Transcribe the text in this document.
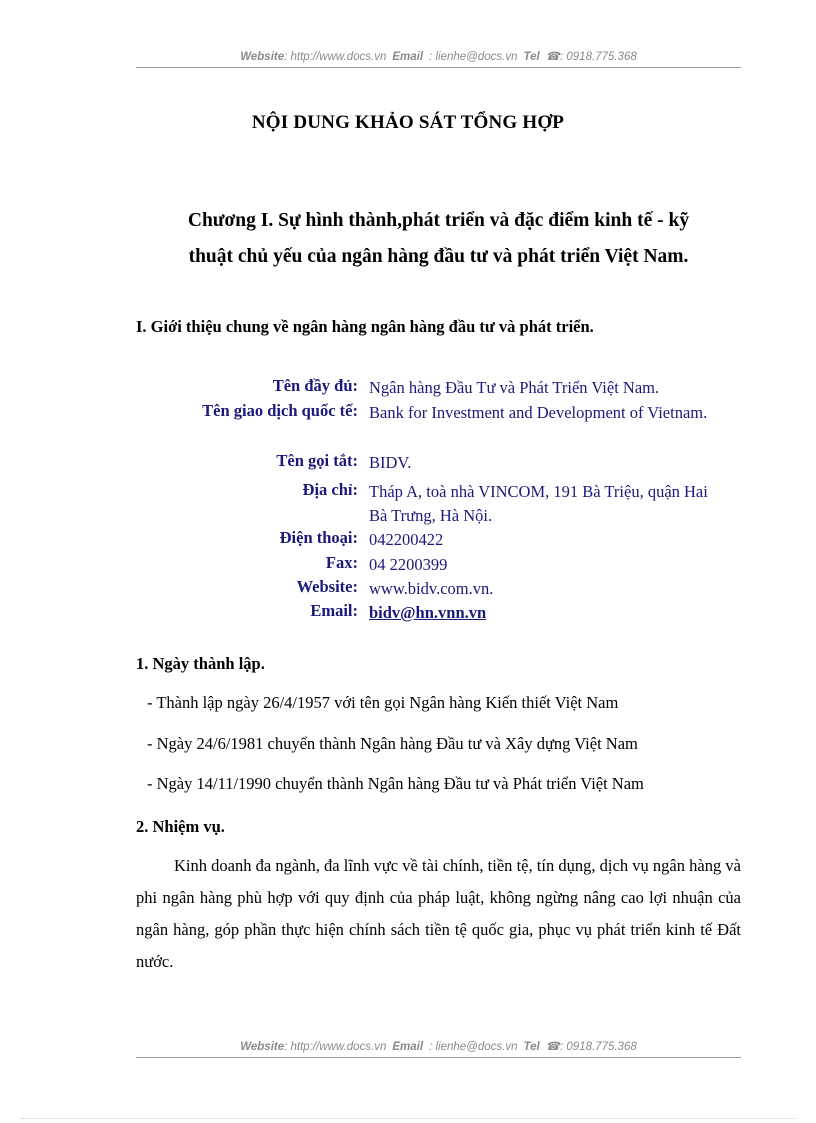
Website: http://www.docs.vn Email : lienhe@docs.vn Tel ☎: 0918.775.368
NỘI DUNG KHẢO SÁT TỔNG HỢP
Chương I. Sự hình thành,phát triển và đặc điểm kinh tế - kỹ
thuật chủ yếu của ngân hàng đầu tư và phát triển Việt Nam.
I. Giới thiệu chung về ngân hàng ngân hàng đầu tư và phát triển.
Tên đầy đủ: Ngân hàng Đầu Tư và Phát Triển Việt Nam.
Tên giao dịch quốc tế: Bank for Investment and Development of Vietnam.
Tên gọi tắt: BIDV.
Địa chỉ: Tháp A, toà nhà VINCOM, 191 Bà Triệu, quận Hai Bà Trưng, Hà Nội.
Điện thoại: 042200422
Fax: 04 2200399
Website: www.bidv.com.vn.
Email: bidv@hn.vnn.vn
1. Ngày thành lập.
- Thành lập ngày 26/4/1957 với tên gọi Ngân hàng Kiến thiết Việt Nam
- Ngày 24/6/1981 chuyển thành Ngân hàng Đầu tư và Xây dựng Việt Nam
- Ngày 14/11/1990 chuyển thành Ngân hàng Đầu tư và Phát triển Việt Nam
2. Nhiệm vụ.
Kinh doanh đa ngành, đa lĩnh vực về tài chính, tiền tệ, tín dụng, dịch vụ ngân hàng và phi ngân hàng phù hợp với quy định của pháp luật, không ngừng nâng cao lợi nhuận của ngân hàng, góp phần thực hiện chính sách tiền tệ quốc gia, phục vụ phát triển kinh tế Đất nước.
Website: http://www.docs.vn Email : lienhe@docs.vn Tel ☎: 0918.775.368
